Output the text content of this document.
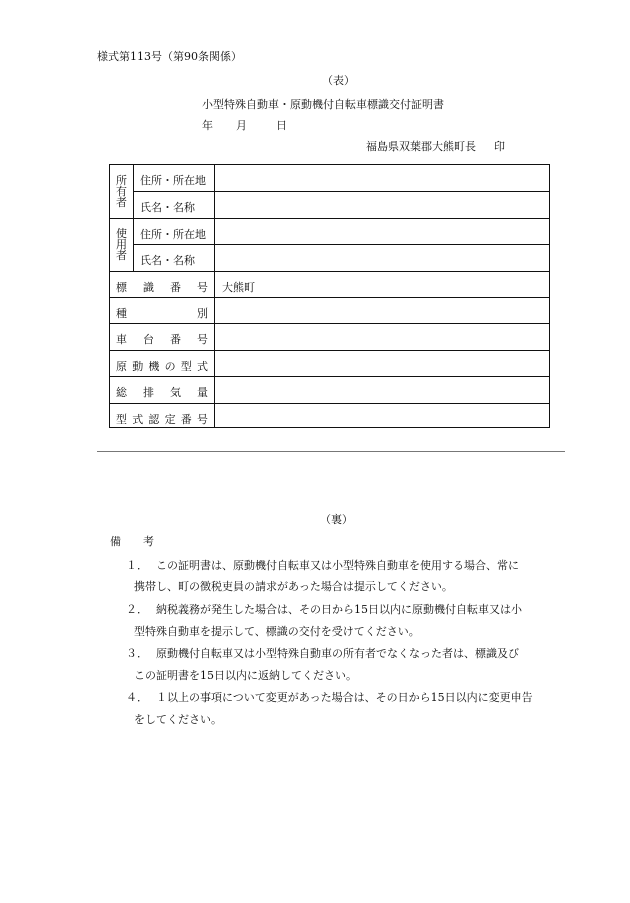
様式第113号（第90条関係）
（表）
小型特殊自動車・原動機付自転車標識交付証明書
年 月	日
福島県双葉郡大熊町長 印
所
有
者
使
用
者
住所・所在地
氏名・名称
住所・所在地
氏名・名称
標 識 番 号 大熊町
種	別
車 台 番 号
原 動 機 の 型 式
総 排 気 量
型 式 認 定 番 号
（裏）
備　　考
１． この証明書は、原動機付自転車又は小型特殊自動車を使用する場合、常に
携帯し、町の徴税吏員の請求があった場合は提示してください。
２． 納税義務が発生した場合は、その日から15日以内に原動機付自転車又は小
型特殊自動車を提示して、標識の交付を受けてください。
３． 原動機付自転車又は小型特殊自動車の所有者でなくなった者は、標識及び
この証明書を15日以内に返納してください。
４． １以上の事項について変更があった場合は、その日から15日以内に変更申告
をしてください。
